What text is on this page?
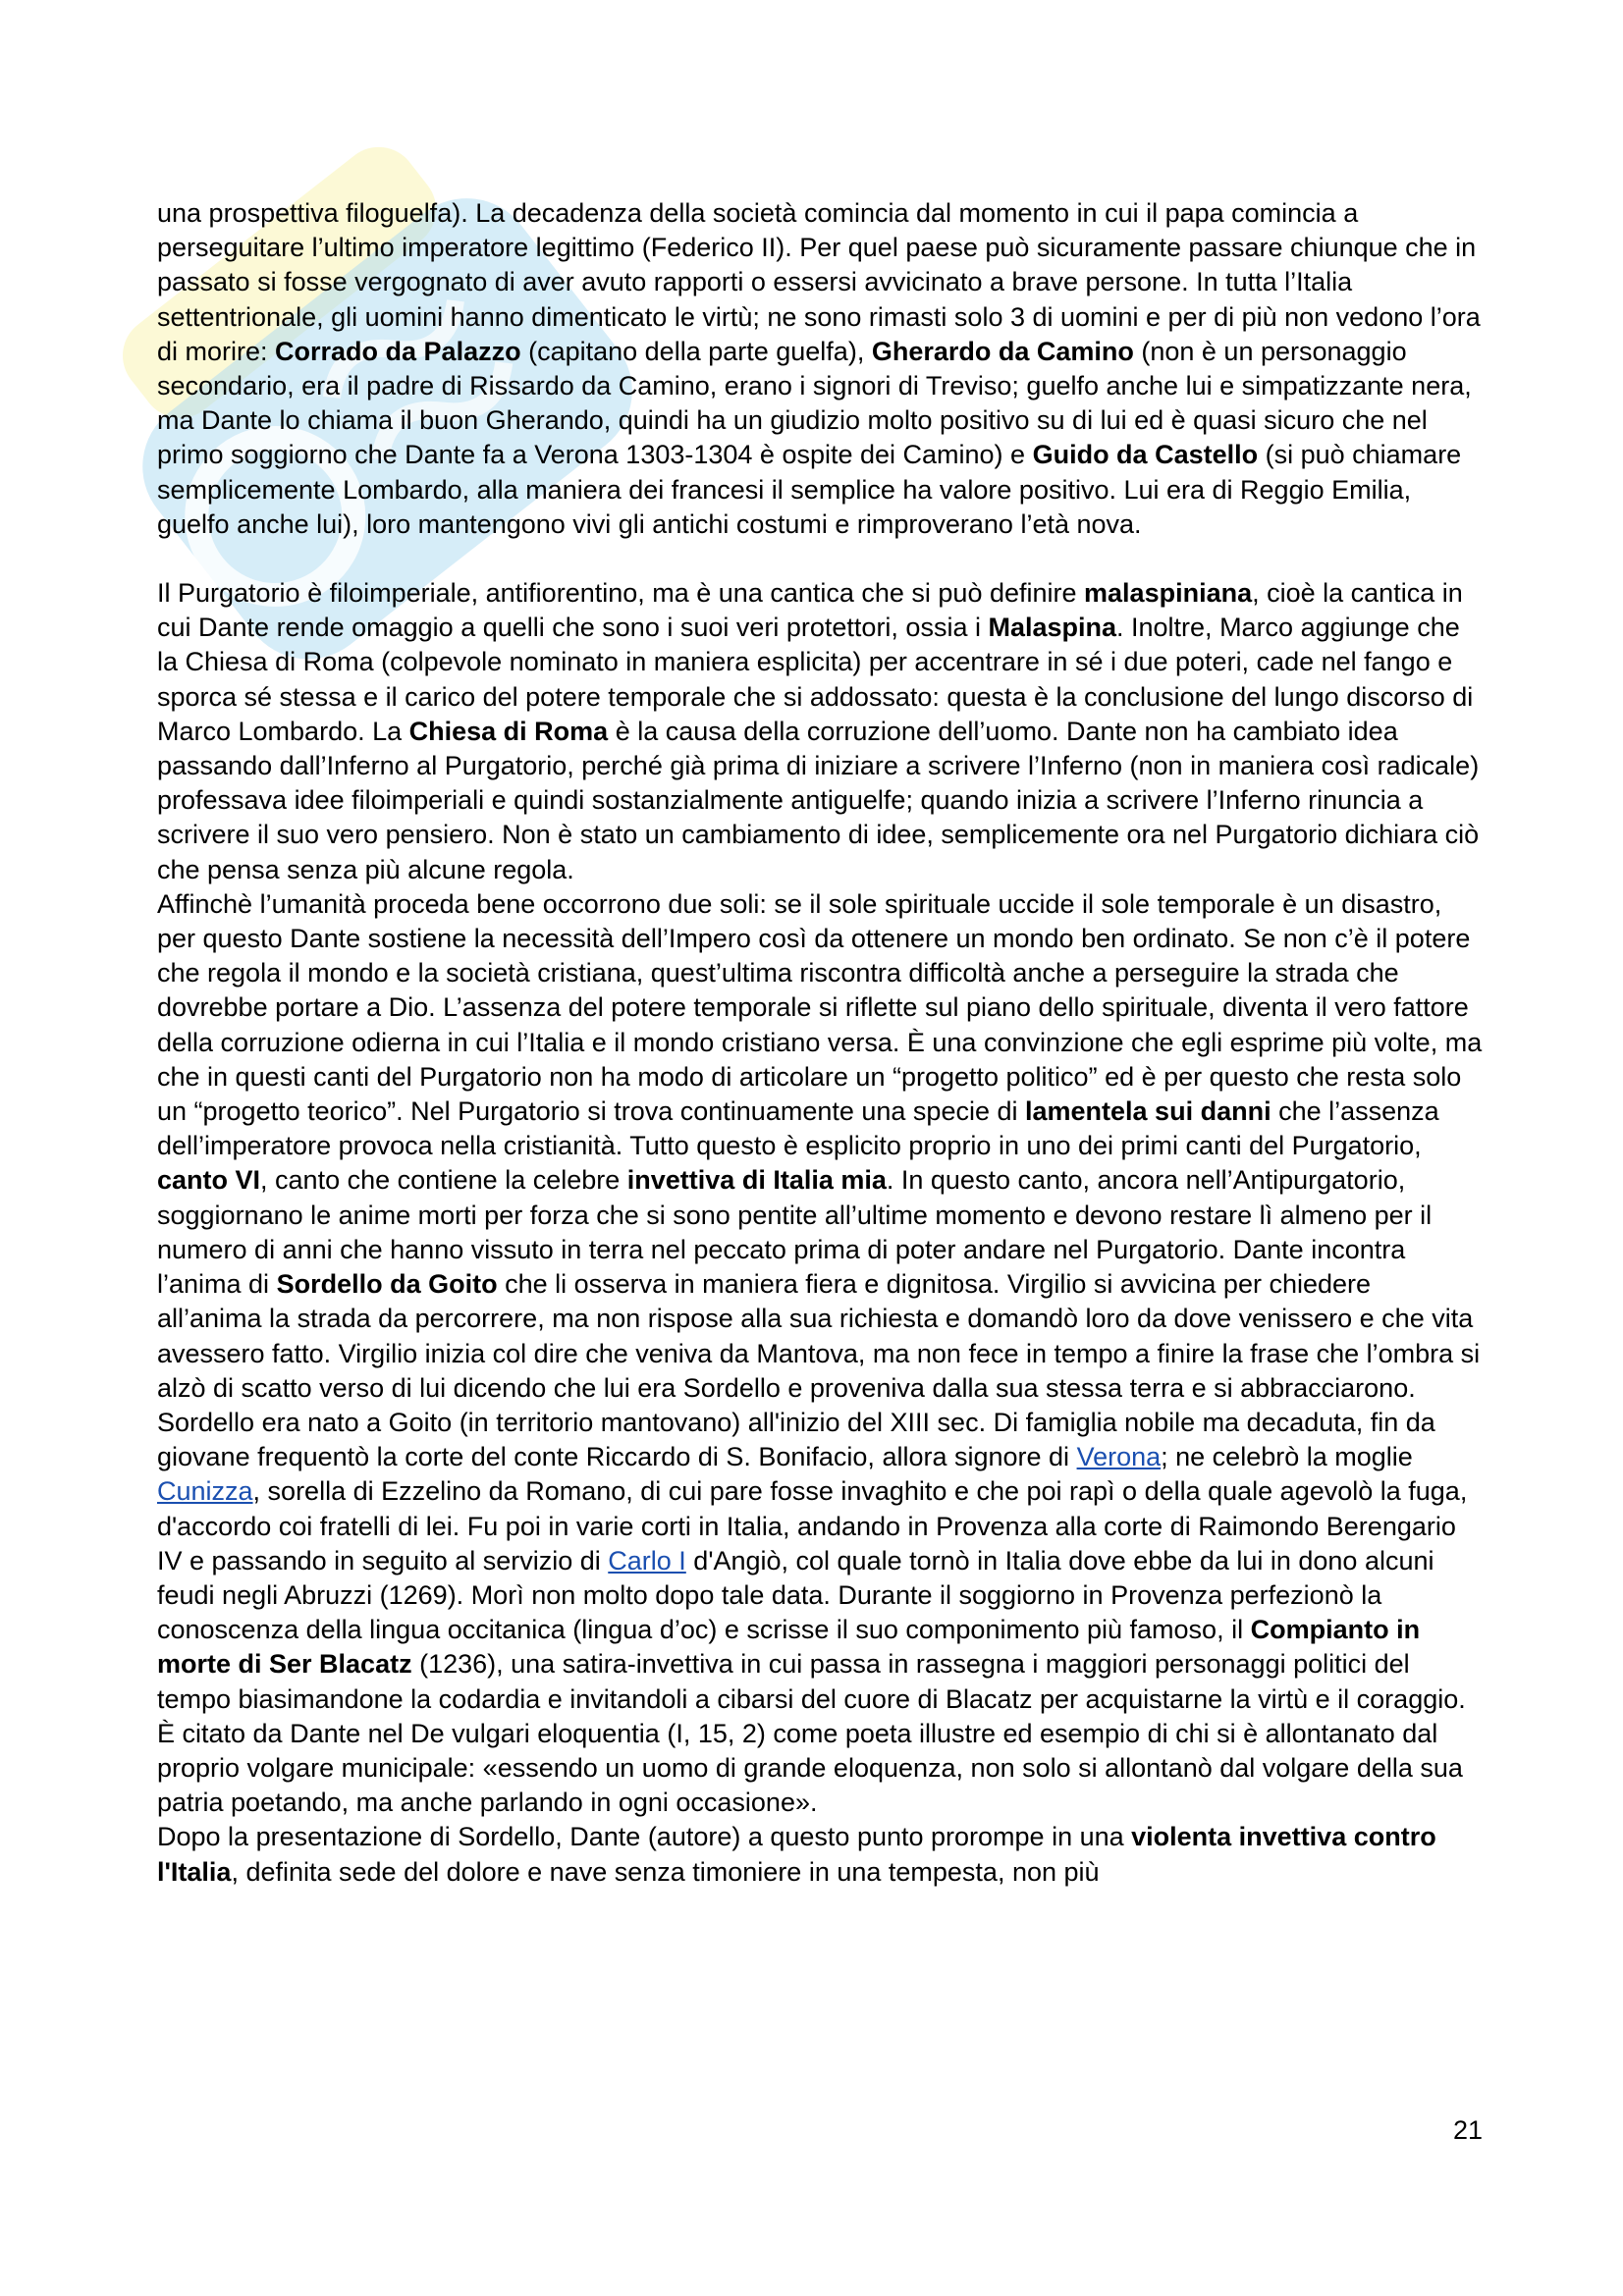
una prospettiva filoguelfa). La decadenza della società comincia dal momento in cui il papa comincia a perseguitare l’ultimo imperatore legittimo (Federico II). Per quel paese può sicuramente passare chiunque che in passato si fosse vergognato di aver avuto rapporti o essersi avvicinato a brave persone. In tutta l’Italia settentrionale, gli uomini hanno dimenticato le virtù; ne sono rimasti solo 3 di uomini e per di più non vedono l’ora di morire: Corrado da Palazzo (capitano della parte guelfa), Gherardo da Camino (non è un personaggio secondario, era il padre di Rissardo da Camino, erano i signori di Treviso; guelfo anche lui e simpatizzante nera, ma Dante lo chiama il buon Gherando, quindi ha un giudizio molto positivo su di lui ed è quasi sicuro che nel primo soggiorno che Dante fa a Verona 1303-1304 è ospite dei Camino) e Guido da Castello (si può chiamare semplicemente Lombardo, alla maniera dei francesi il semplice ha valore positivo. Lui era di Reggio Emilia, guelfo anche lui), loro mantengono vivi gli antichi costumi e rimproverano l’età nova.

Il Purgatorio è filoimperiale, antifiorentino, ma è una cantica che si può definire malaspiniana, cioè la cantica in cui Dante rende omaggio a quelli che sono i suoi veri protettori, ossia i Malaspina. Inoltre, Marco aggiunge che la Chiesa di Roma (colpevole nominato in maniera esplicita) per accentrare in sé i due poteri, cade nel fango e sporca sé stessa e il carico del potere temporale che si addossato: questa è la conclusione del lungo discorso di Marco Lombardo. La Chiesa di Roma è la causa della corruzione dell’uomo. Dante non ha cambiato idea passando dall’Inferno al Purgatorio, perché già prima di iniziare a scrivere l’Inferno (non in maniera così radicale) professava idee filoimperiali e quindi sostanzialmente antiguelfe; quando inizia a scrivere l’Inferno rinuncia a scrivere il suo vero pensiero. Non è stato un cambiamento di idee, semplicemente ora nel Purgatorio dichiara ciò che pensa senza più alcune regola.

Affinchè l’umanità proceda bene occorrono due soli: se il sole spirituale uccide il sole temporale è un disastro, per questo Dante sostiene la necessità dell’Impero così da ottenere un mondo ben ordinato. Se non c’è il potere che regola il mondo e la società cristiana, quest’ultima riscontra difficoltà anche a perseguire la strada che dovrebbe portare a Dio. L’assenza del potere temporale si riflette sul piano dello spirituale, diventa il vero fattore della corruzione odierna in cui l’Italia e il mondo cristiano versa. È una convinzione che egli esprime più volte, ma che in questi canti del Purgatorio non ha modo di articolare un “progetto politico” ed è per questo che resta solo un “progetto teorico”. Nel Purgatorio si trova continuamente una specie di lamentela sui danni che l’assenza dell’imperatore provoca nella cristianità. Tutto questo è esplicito proprio in uno dei primi canti del Purgatorio, canto VI, canto che contiene la celebre invettiva di Italia mia. In questo canto, ancora nell’Antipurgatorio, soggiornano le anime morti per forza che si sono pentite all’ultime momento e devono restare lì almeno per il numero di anni che hanno vissuto in terra nel peccato prima di poter andare nel Purgatorio. Dante incontra l’anima di Sordello da Goito che li osserva in maniera fiera e dignitosa. Virgilio si avvicina per chiedere all’anima la strada da percorrere, ma non rispose alla sua richiesta e domandò loro da dove venissero e che vita avessero fatto. Virgilio inizia col dire che veniva da Mantova, ma non fece in tempo a finire la frase che l’ombra si alzò di scatto verso di lui dicendo che lui era Sordello e proveniva dalla sua stessa terra e si abbracciarono. Sordello era nato a Goito (in territorio mantovano) all'inizio del XIII sec. Di famiglia nobile ma decaduta, fin da giovane frequentò la corte del conte Riccardo di S. Bonifacio, allora signore di Verona; ne celebrò la moglie Cunizza, sorella di Ezzelino da Romano, di cui pare fosse invaghito e che poi rapì o della quale agevolò la fuga, d'accordo coi fratelli di lei. Fu poi in varie corti in Italia, andando in Provenza alla corte di Raimondo Berengario IV e passando in seguito al servizio di Carlo I d'Angiò, col quale tornò in Italia dove ebbe da lui in dono alcuni feudi negli Abruzzi (1269). Morì non molto dopo tale data. Durante il soggiorno in Provenza perfezionò la conoscenza della lingua occitanica (lingua d’oc) e scrisse il suo componimento più famoso, il Compianto in morte di Ser Blacatz (1236), una satira-invettiva in cui passa in rassegna i maggiori personaggi politici del tempo biasimandone la codardia e invitandoli a cibarsi del cuore di Blacatz per acquistarne la virtù e il coraggio. È citato da Dante nel De vulgari eloquentia (I, 15, 2) come poeta illustre ed esempio di chi si è allontanato dal proprio volgare municipale: «essendo un uomo di grande eloquenza, non solo si allontanò dal volgare della sua patria poetando, ma anche parlando in ogni occasione».

Dopo la presentazione di Sordello, Dante (autore) a questo punto prorompe in una violenta invettiva contro l'Italia, definita sede del dolore e nave senza timoniere in una tempesta, non più

21
